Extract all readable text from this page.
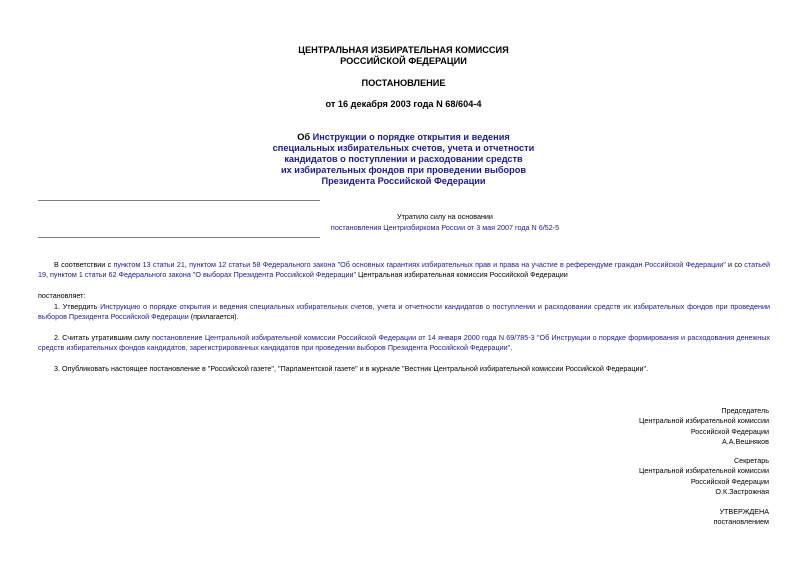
ЦЕНТРАЛЬНАЯ ИЗБИРАТЕЛЬНАЯ КОМИССИЯ
РОССИЙСКОЙ ФЕДЕРАЦИИ
ПОСТАНОВЛЕНИЕ
от 16 декабря 2003 года N 68/604-4
Об Инструкции о порядке открытия и ведения
специальных избирательных счетов, учета и отчетности
кандидатов о поступлении и расходовании средств
их избирательных фондов при проведении выборов
Президента Российской Федерации
Утратило силу на основании
постановления Центризбиркома России от 3 мая 2007 года N 6/52-5
В соответствии с пунктом 13 статьи 21, пунктом 12 статьи 58 Федерального закона "Об основных гарантиях избирательных прав и права на участие в референдуме граждан Российской Федерации" и со статьей 19, пунктом 1 статьи 62 Федерального закона "О выборах Президента Российской Федерации" Центральная избирательная комиссия Российской Федерации
постановляет:
1. Утвердить Инструкцию о порядке открытия и ведения специальных избирательных счетов, учета и отчетности кандидатов о поступлении и расходовании средств их избирательных фондов при проведении выборов Президента Российской Федерации (прилагается).
2. Считать утратившим силу постановление Центральной избирательной комиссии Российской Федерации от 14 января 2000 года N 69/785-3 "Об Инструкции о порядке формирования и расходования денежных средств избирательных фондов кандидатов, зарегистрированных кандидатов при проведении выборов Президента Российской Федерации".
3. Опубликовать настоящее постановление в "Российской газете", "Парламентской газете" и в журнале "Вестник Центральной избирательной комиссии Российской Федерации".
Председатель
Центральной избирательной комиссии
Российской Федерации
А.А.Вешняков
Секретарь
Центральной избирательной комиссии
Российской Федерации
О.К.Застрожная
УТВЕРЖДЕНА
постановлением
